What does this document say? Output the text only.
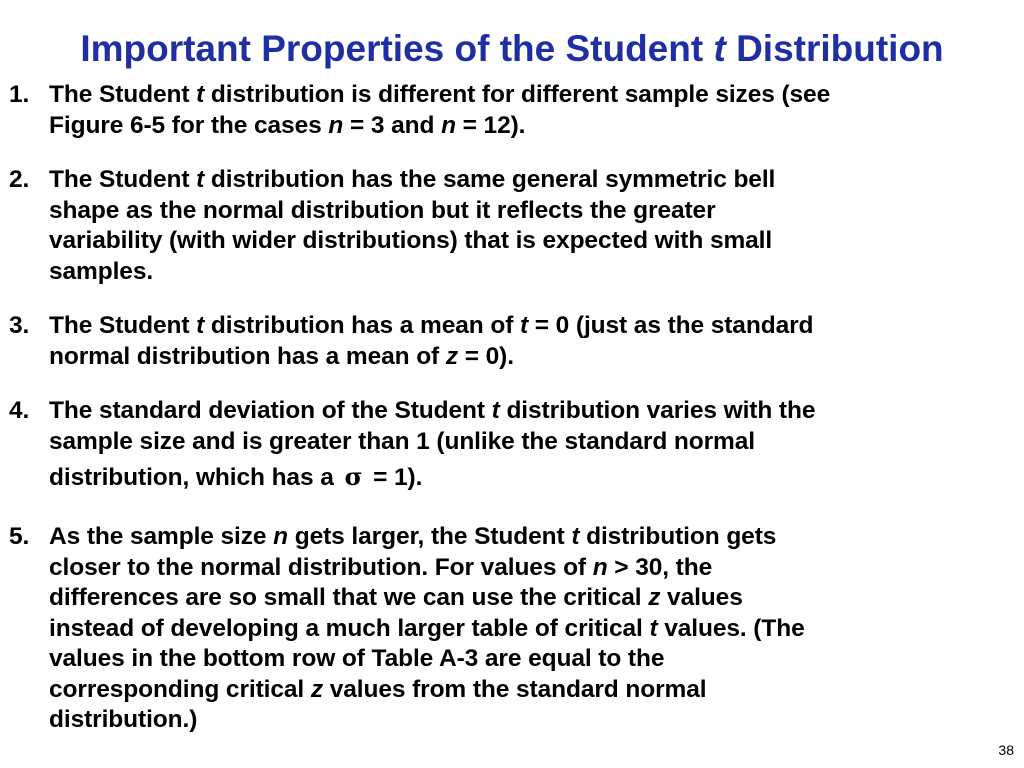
Important Properties of the Student t Distribution
1. The Student t distribution is different for different sample sizes (see
Figure 6-5 for the cases n = 3 and n = 12).
2. The Student t distribution has the same general symmetric bell
shape as the normal distribution but it reflects the greater
variability (with wider distributions) that is expected with small
samples.
3. The Student t distribution has a mean of t = 0 (just as the standard
normal distribution has a mean of z = 0).
4. The standard deviation of the Student t distribution varies with the
sample size and is greater than 1 (unlike the standard normal
distribution, which has a σ = 1).
5. As the sample size n gets larger, the Student t distribution gets
closer to the normal distribution. For values of n > 30, the
differences are so small that we can use the critical z values
instead of developing a much larger table of critical t values. (The
values in the bottom row of Table A-3 are equal to the
corresponding critical z values from the standard normal
distribution.)
38
